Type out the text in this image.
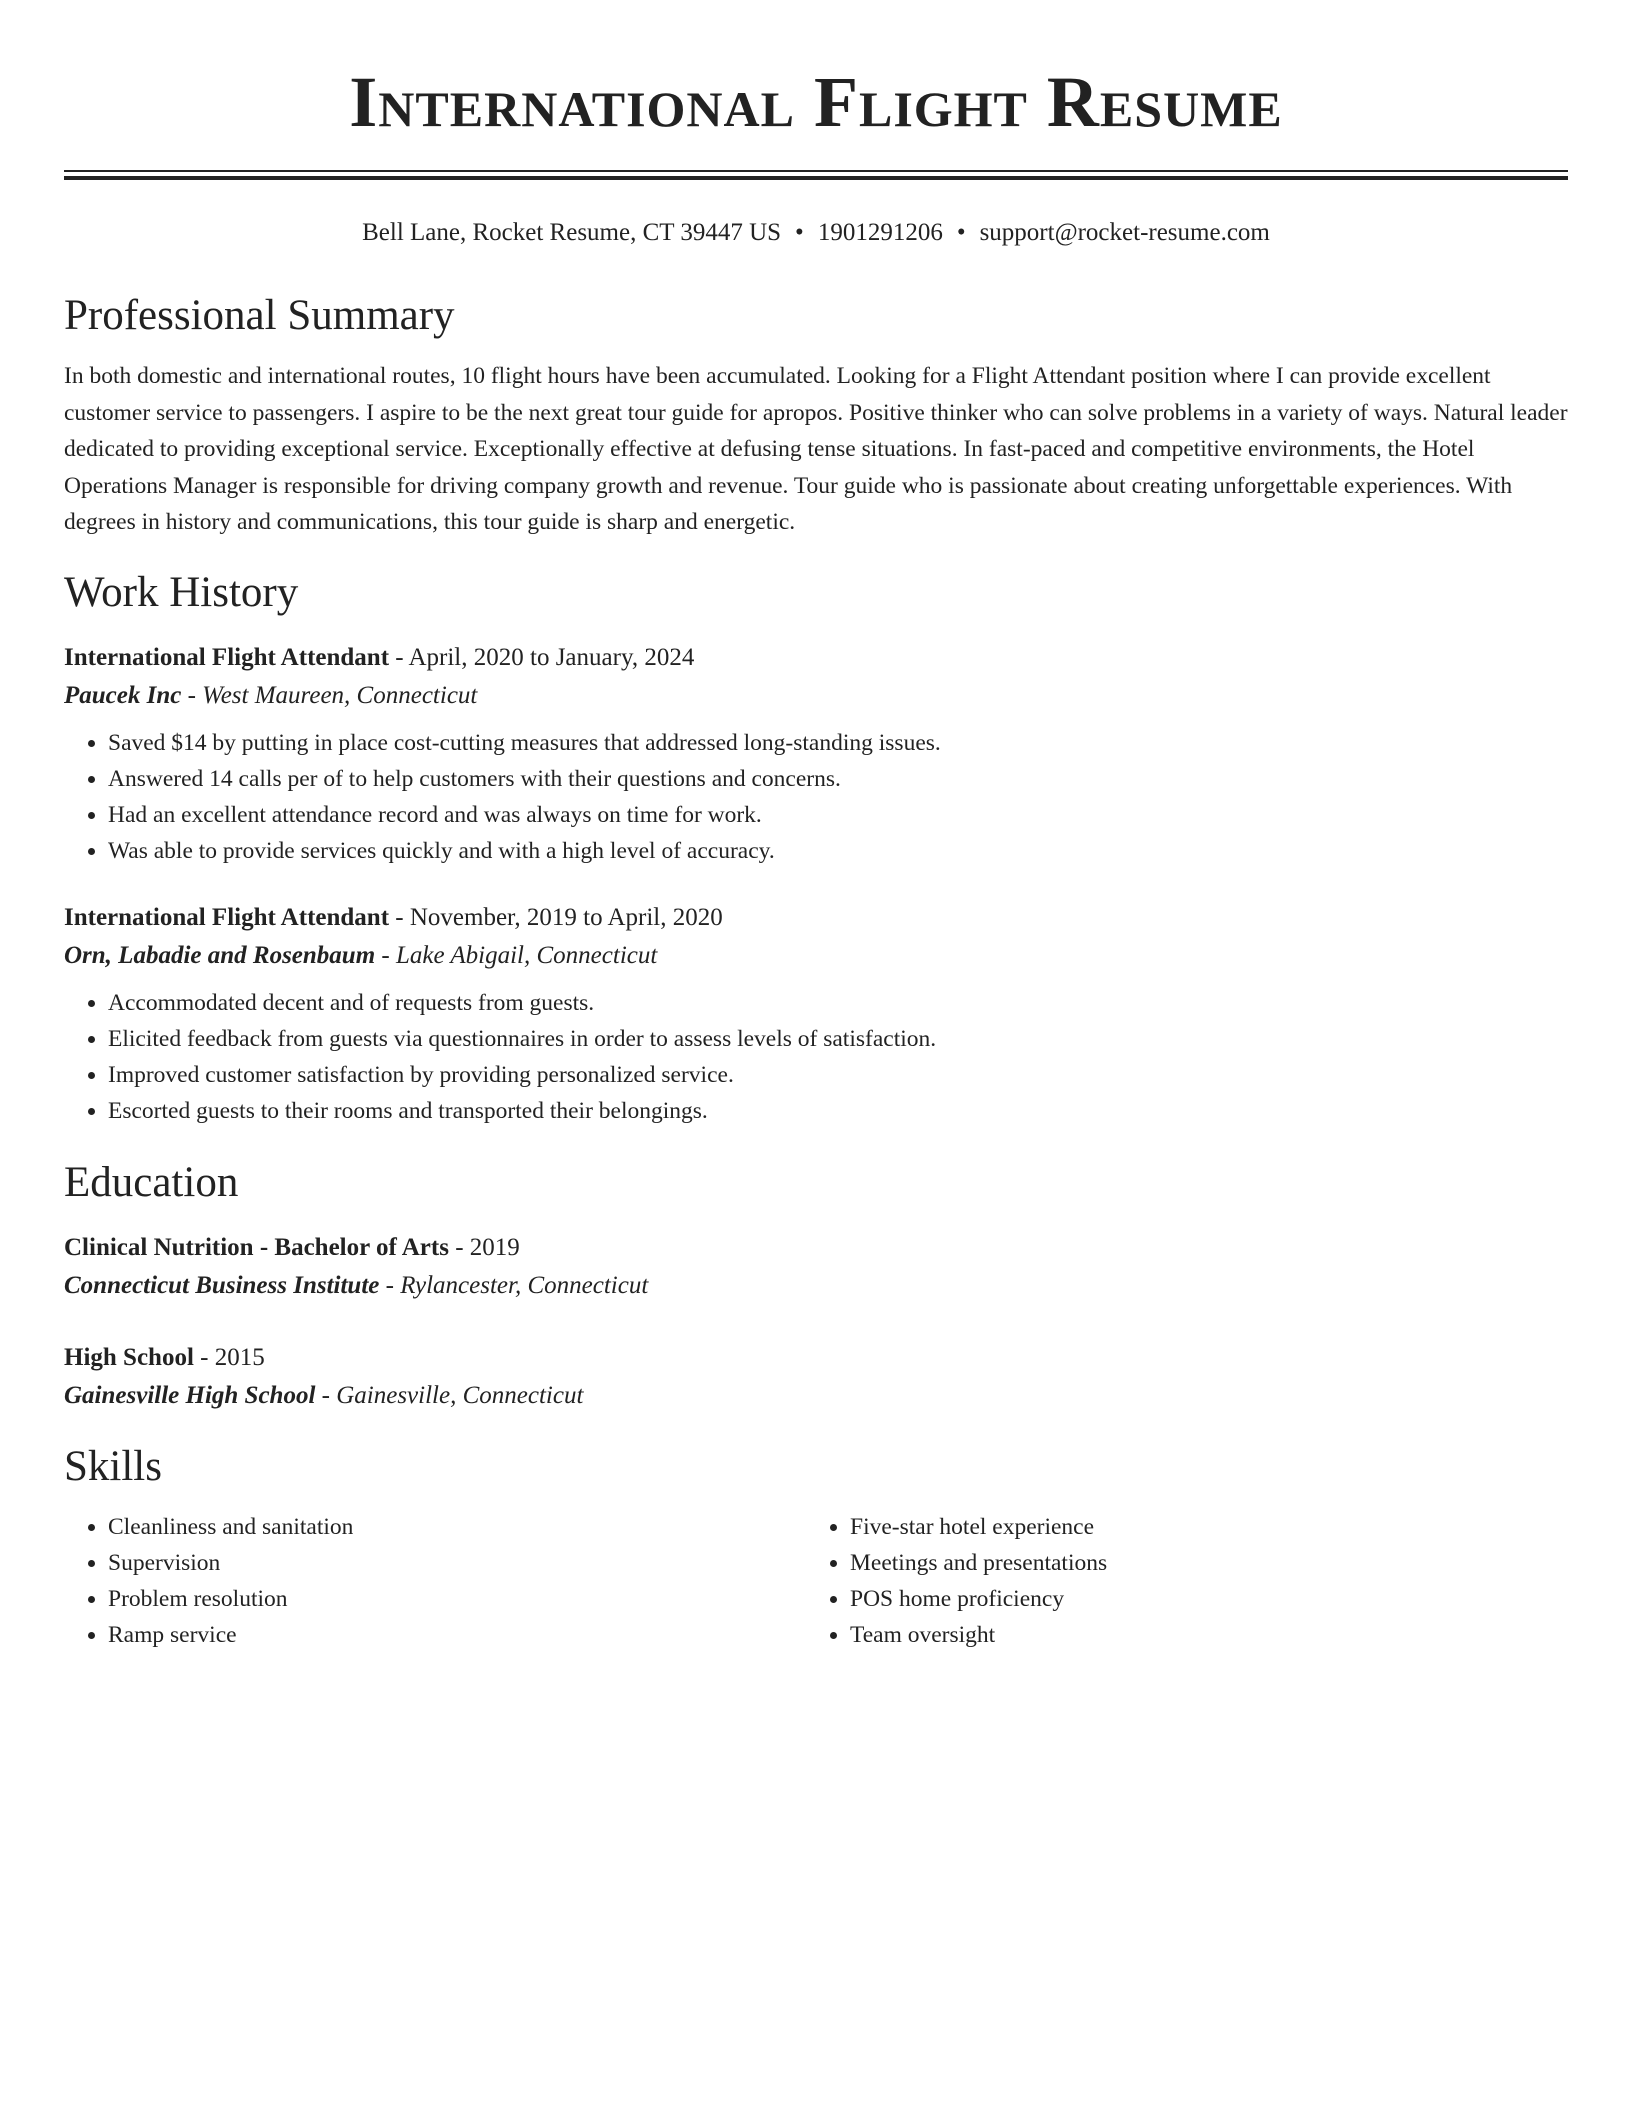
International Flight Resume
Bell Lane, Rocket Resume, CT 39447 US • 1901291206 • support@rocket-resume.com
Professional Summary
In both domestic and international routes, 10 flight hours have been accumulated. Looking for a Flight Attendant position where I can provide excellent customer service to passengers. I aspire to be the next great tour guide for apropos. Positive thinker who can solve problems in a variety of ways. Natural leader dedicated to providing exceptional service. Exceptionally effective at defusing tense situations. In fast-paced and competitive environments, the Hotel Operations Manager is responsible for driving company growth and revenue. Tour guide who is passionate about creating unforgettable experiences. With degrees in history and communications, this tour guide is sharp and energetic.
Work History
International Flight Attendant - April, 2020 to January, 2024
Paucek Inc - West Maureen, Connecticut
• Saved $14 by putting in place cost-cutting measures that addressed long-standing issues.
• Answered 14 calls per of to help customers with their questions and concerns.
• Had an excellent attendance record and was always on time for work.
• Was able to provide services quickly and with a high level of accuracy.
International Flight Attendant - November, 2019 to April, 2020
Orn, Labadie and Rosenbaum - Lake Abigail, Connecticut
• Accommodated decent and of requests from guests.
• Elicited feedback from guests via questionnaires in order to assess levels of satisfaction.
• Improved customer satisfaction by providing personalized service.
• Escorted guests to their rooms and transported their belongings.
Education
Clinical Nutrition - Bachelor of Arts - 2019
Connecticut Business Institute - Rylancester, Connecticut
High School - 2015
Gainesville High School - Gainesville, Connecticut
Skills
• Cleanliness and sanitation
• Supervision
• Problem resolution
• Ramp service
• Five-star hotel experience
• Meetings and presentations
• POS home proficiency
• Team oversight
